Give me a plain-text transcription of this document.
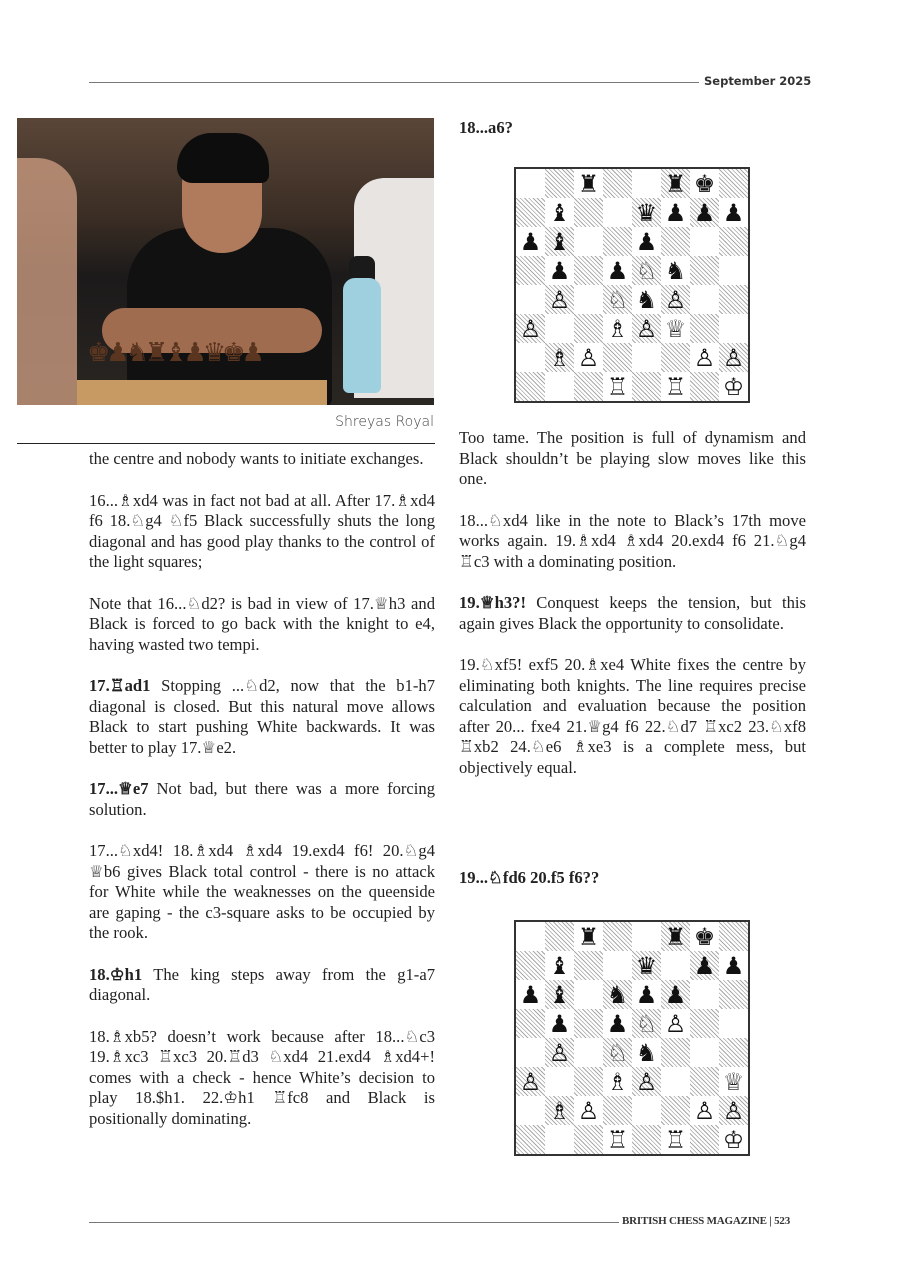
September 2025
♚♟♞♜♝♟♛♚♟
Shreyas Royal

the centre and nobody wants to initiate exchanges.

16...♗xd4 was in fact not bad at all. After 17.♗xd4 f6 18.♘g4 ♘f5 Black successfully shuts the long diagonal and has good play thanks to the control of the light squares;

Note that 16...♘d2? is bad in view of 17.♕h3 and Black is forced to go back with the knight to e4, having wasted two tempi.

17.♖ad1 Stopping ...♘d2, now that the b1-h7 diagonal is closed. But this natural move allows Black to start pushing White backwards. It was better to play 17.♕e2.

17...♕e7 Not bad, but there was a more forcing solution.

17...♘xd4! 18.♗xd4 ♗xd4 19.exd4 f6! 20.♘g4 ♕b6 gives Black total control - there is no attack for White while the weaknesses on the queenside are gaping - the c3-square asks to be occupied by the rook.

18.♔h1 The king steps away from the g1-a7 diagonal.

18.♗xb5? doesn’t work because after 18...♘c3 19.♗xc3 ♖xc3 20.♖d3 ♘xd4 21.exd4 ♗xd4+! comes with a check - hence White’s decision to play 18.$h1. 22.♔h1 ♖fc8 and Black is positionally dominating.

18...a6?
♜	♜ ♚
♝	♛ ♟ ♟ ♟
♟ ♝	♟
♟ ♟ ♘ ♞
♙ ♘ ♞ ♙
♙	♗ ♙ ♕
♗ ♙	♙ ♙
♖ ♖ ♔

Too tame. The position is full of dynamism and Black shouldn’t be playing slow moves like this one.

18...♘xd4 like in the note to Black’s 17th move works again. 19.♗xd4 ♗xd4 20.exd4 f6 21.♘g4 ♖c3 with a dominating position.

19.♕h3?! Conquest keeps the tension, but this again gives Black the opportunity to consolidate.

19.♘xf5! exf5 20.♗xe4 White fixes the centre by eliminating both knights. The line requires precise calculation and evaluation because the position after 20... fxe4 21.♕g4 f6 22.♘d7 ♖xc2 23.♘xf8 ♖xb2 24.♘e6 ♗xe3 is a complete mess, but objectively equal.

19...♘fd6 20.f5 f6??
♜	♜ ♚
♝	♛ ♟ ♟
♟ ♝ ♞ ♟ ♟
♟ ♟ ♘ ♙
♙ ♘ ♞
♙	♗ ♙	♕
♗ ♙	♙ ♙
♖ ♖ ♔
BRITISH CHESS MAGAZINE | 523
